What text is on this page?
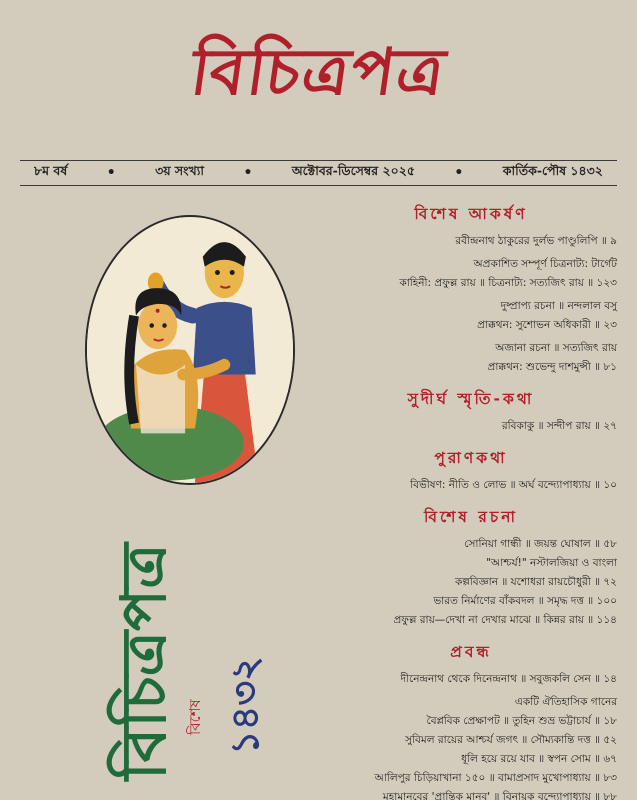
বিচিত্রপত্র
৮ম বর্ষ	•	৩য় সংখ্যা	•	অক্টোবর-ডিসেম্বর ২০২৫	•	কার্তিক-পৌষ ১৪৩২
বিচিত্রপত্র বিশেষ ১৪৩২
বিশেষ আকর্ষণ
রবীন্দ্রনাথ ঠাকুরের দুর্লভ পাণ্ডুলিপি ॥ ৯
অপ্রকাশিত সম্পূর্ণ চিত্রনাট্য: টার্গেট
কাহিনী: প্রফুল্ল রায় ॥ চিত্রনাট্য: সত্যজিৎ রায় ॥ ১২৩
দুষ্প্রাপ্য রচনা ॥ নন্দলাল বসু
প্রাক্কথন: সুশোভন অধিকারী ॥ ২৩
অজানা রচনা ॥ সত্যজিৎ রায়
প্রাক্কথন: শুভেন্দু দাশমুন্সী ॥ ৮১
সুদীর্ঘ স্মৃতি-কথা
রবিকাকু ॥ সন্দীপ রায় ॥ ২৭
পুরাণকথা
বিভীষণ: নীতি ও লোভ ॥ অর্ঘ বন্দ্যোপাধ্যায় ॥ ১০
বিশেষ রচনা
সোনিয়া গান্ধী ॥ জয়ন্ত ঘোষাল ॥ ৫৮
"আশ্চর্য!" নস্টালজিয়া ও বাংলা
কল্পবিজ্ঞান ॥ যশোধরা রায়চৌধুরী ॥ ৭২
ভারত নির্মাণের বাঁকবদল ॥ সমৃদ্ধ দত্ত ॥ ১০০
প্রফুল্ল রায়—দেখা না দেখার মাঝে ॥ কিন্নর রায় ॥ ১১৪
প্রবন্ধ
দীনেন্দ্রনাথ থেকে দিনেন্দ্রনাথ ॥ সবুজকলি সেন ॥ ১৪
একটি ঐতিহাসিক গানের
বৈপ্লবিক প্রেক্ষাপট ॥ তুহিন শুভ্র ভট্টাচার্য ॥ ১৮
সুবিমল রায়ের আশ্চর্য জগৎ ॥ সৌম্যকান্তি দত্ত ॥ ৫২
ধূলি হয়ে রয়ে যাব ॥ স্বপন সোম ॥ ৬৭
আলিপুর চিড়িয়াখানা ১৫০ ॥ বামাপ্রসাদ মুখোপাধ্যায় ॥ ৮৩
মহামানবের 'প্রান্তিক মানব' ॥ বিনায়ক বন্দ্যোপাধ্যায় ॥ ৮৮
